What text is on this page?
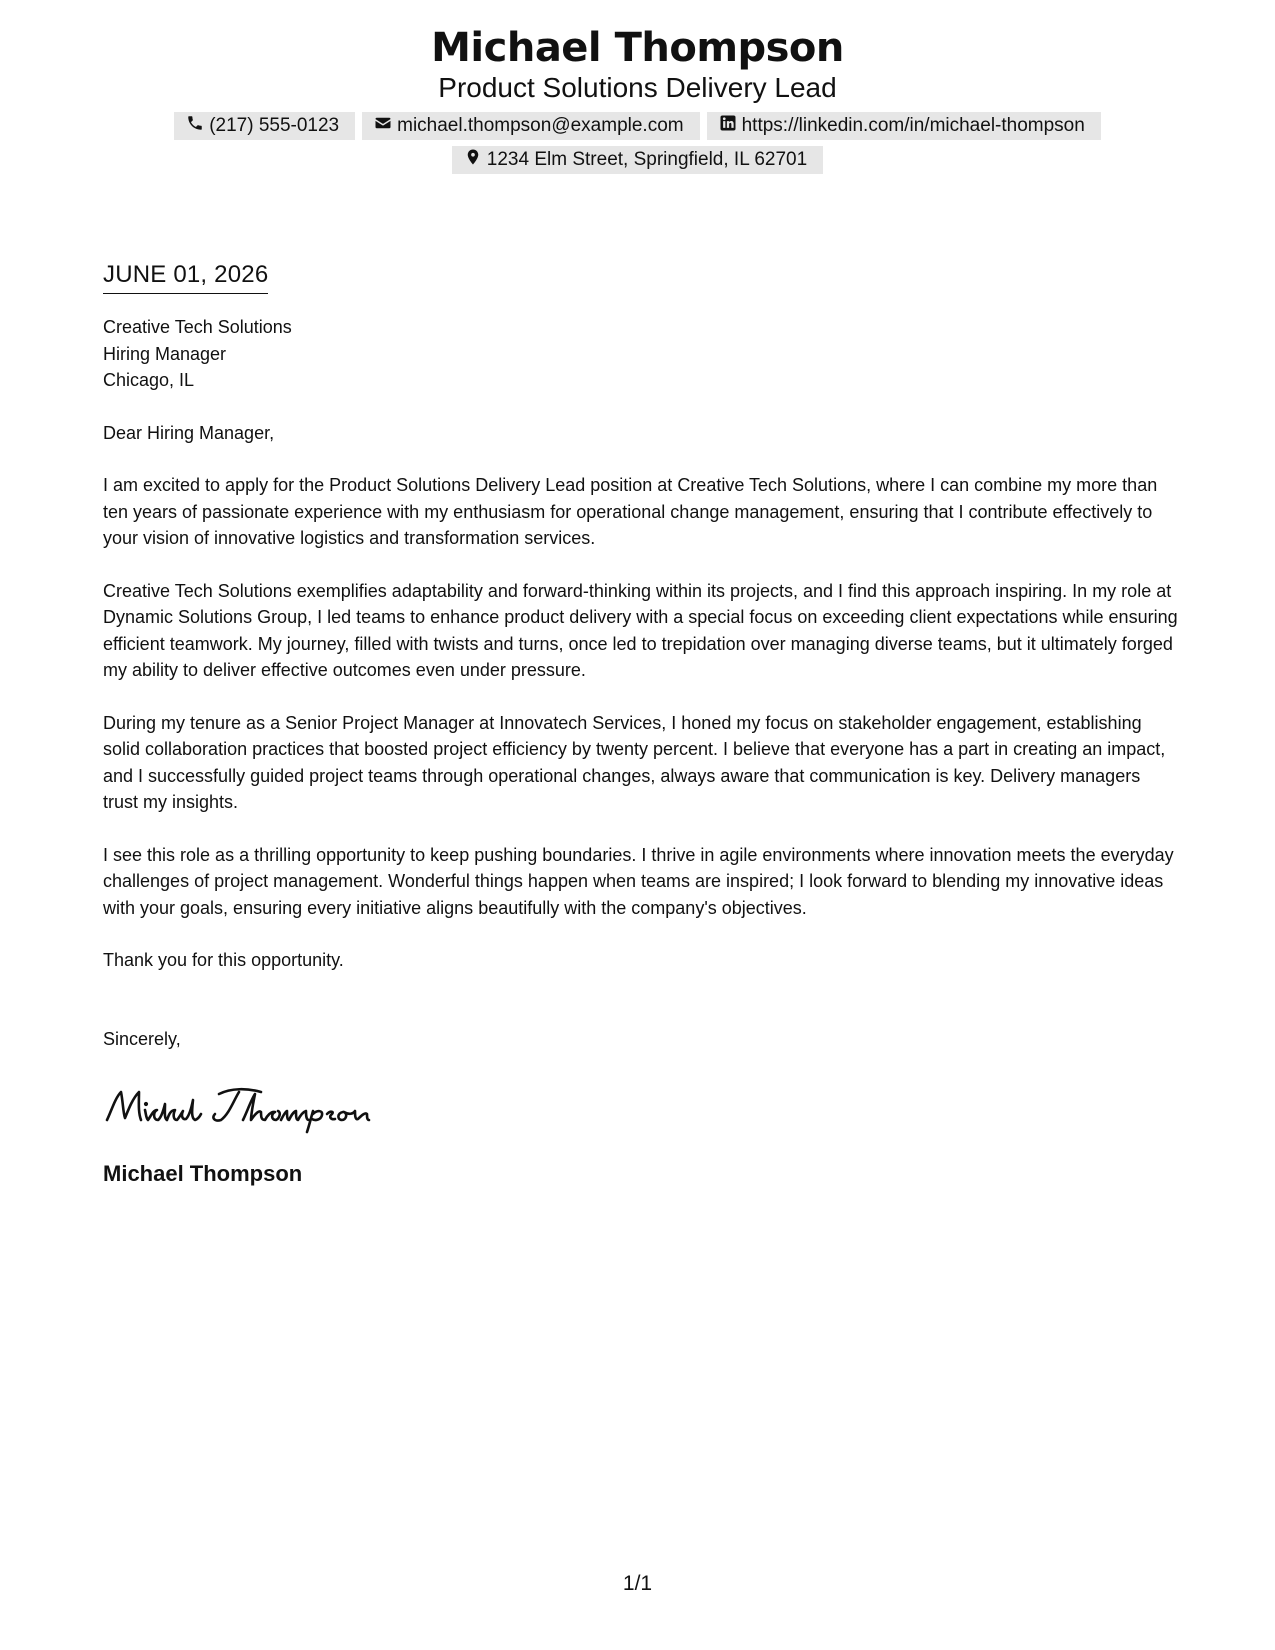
Michael Thompson
Product Solutions Delivery Lead
(217) 555-0123	michael.thompson@example.com	https://linkedin.com/in/michael-thompson
1234 Elm Street, Springfield, IL 62701
JUNE 01, 2026
Creative Tech Solutions
Hiring Manager
Chicago, IL
Dear Hiring Manager,

I am excited to apply for the Product Solutions Delivery Lead position at Creative Tech Solutions, where I can combine my more than ten years of passionate experience with my enthusiasm for operational change management, ensuring that I contribute effectively to your vision of innovative logistics and transformation services.

Creative Tech Solutions exemplifies adaptability and forward-thinking within its projects, and I find this approach inspiring. In my role at Dynamic Solutions Group, I led teams to enhance product delivery with a special focus on exceeding client expectations while ensuring efficient teamwork. My journey, filled with twists and turns, once led to trepidation over managing diverse teams, but it ultimately forged my ability to deliver effective outcomes even under pressure.

During my tenure as a Senior Project Manager at Innovatech Services, I honed my focus on stakeholder engagement, establishing solid collaboration practices that boosted project efficiency by twenty percent. I believe that everyone has a part in creating an impact, and I successfully guided project teams through operational changes, always aware that communication is key. Delivery managers trust my insights.

I see this role as a thrilling opportunity to keep pushing boundaries. I thrive in agile environments where innovation meets the everyday challenges of project management. Wonderful things happen when teams are inspired; I look forward to blending my innovative ideas with your goals, ensuring every initiative aligns beautifully with the company's objectives.

Thank you for this opportunity.
Sincerely,
Michael Thompson
1/1
